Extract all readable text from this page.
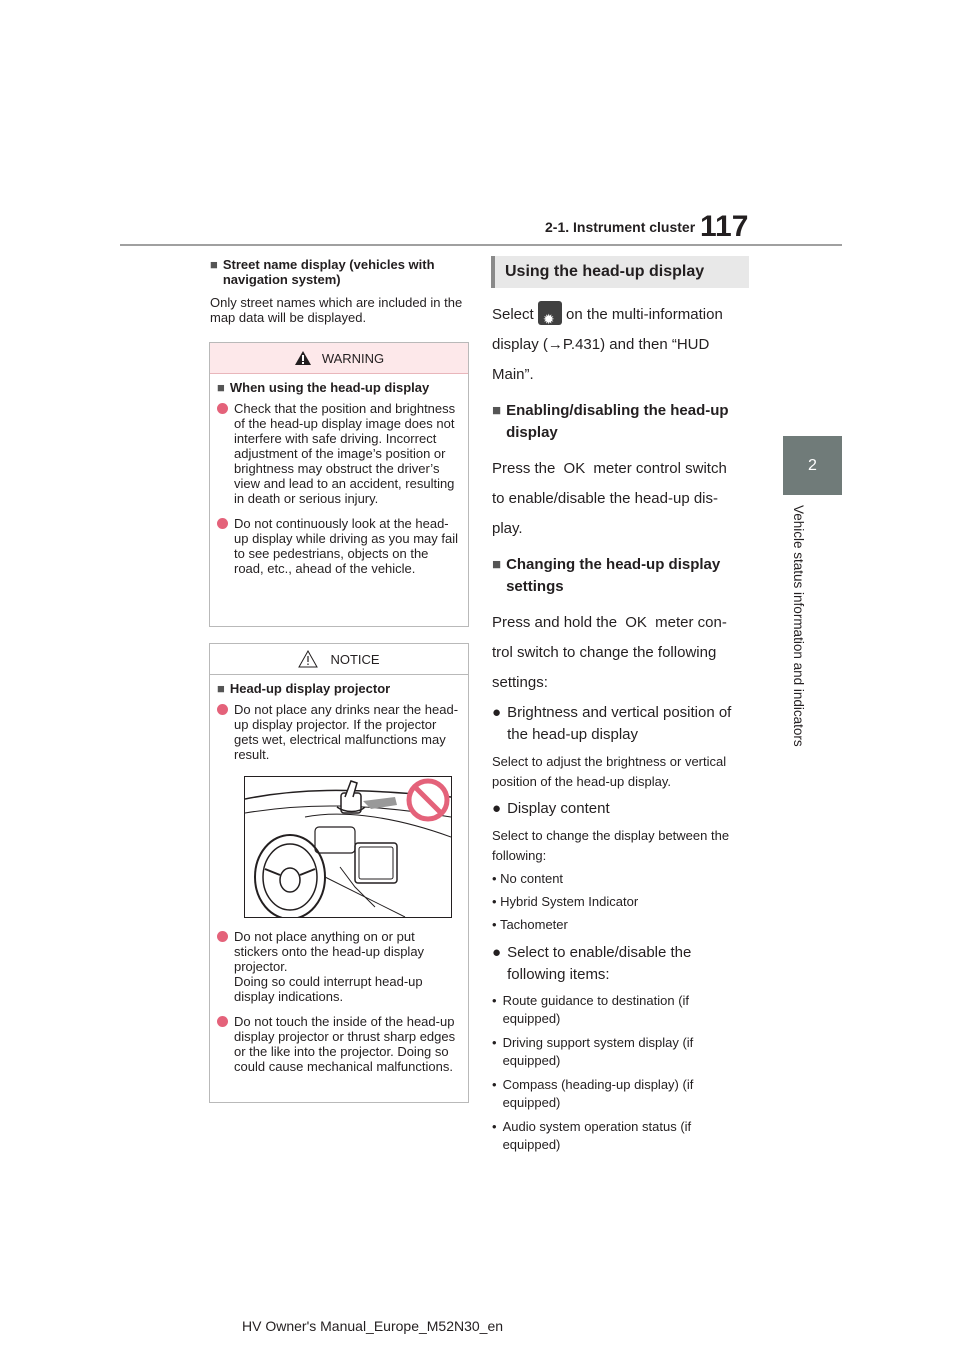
2-1. Instrument cluster 117
2
Vehicle status information and indicators
■ Street name display (vehicles with navigation system)
Only street names which are included in the map data will be displayed.
WARNING
■ When using the head-up display
Check that the position and brightness of the head-up display image does not interfere with safe driving. Incorrect adjustment of the image’s position or brightness may obstruct the driver’s view and lead to an accident, resulting in death or serious injury.
Do not continuously look at the head-up display while driving as you may fail to see pedestrians, objects on the road, etc., ahead of the vehicle.
NOTICE
■ Head-up display projector
Do not place any drinks near the head-up display projector. If the projector gets wet, electrical malfunctions may result.
Do not place anything on or put stickers onto the head-up display projector.
Doing so could interrupt head-up display indications.
Do not touch the inside of the head-up display projector or thrust sharp edges or the like into the projector. Doing so could cause mechanical malfunctions.
Using the head-up display
Select ✹ on the multi-information
display (→P.431) and then “HUD
Main”.
■ Enabling/disabling the head-up display
Press the OK meter control switch
to enable/disable the head-up dis-
play.
■ Changing the head-up display settings
Press and hold the OK meter con-
trol switch to change the following
settings:
● Brightness and vertical position of the head-up display
Select to adjust the brightness or vertical position of the head-up display.
● Display content
Select to change the display between the following:
• No content
• Hybrid System Indicator
• Tachometer
● Select to enable/disable the following items:
• Route guidance to destination (if equipped)
• Driving support system display (if equipped)
• Compass (heading-up display) (if equipped)
• Audio system operation status (if equipped)
HV Owner's Manual_Europe_M52N30_en
